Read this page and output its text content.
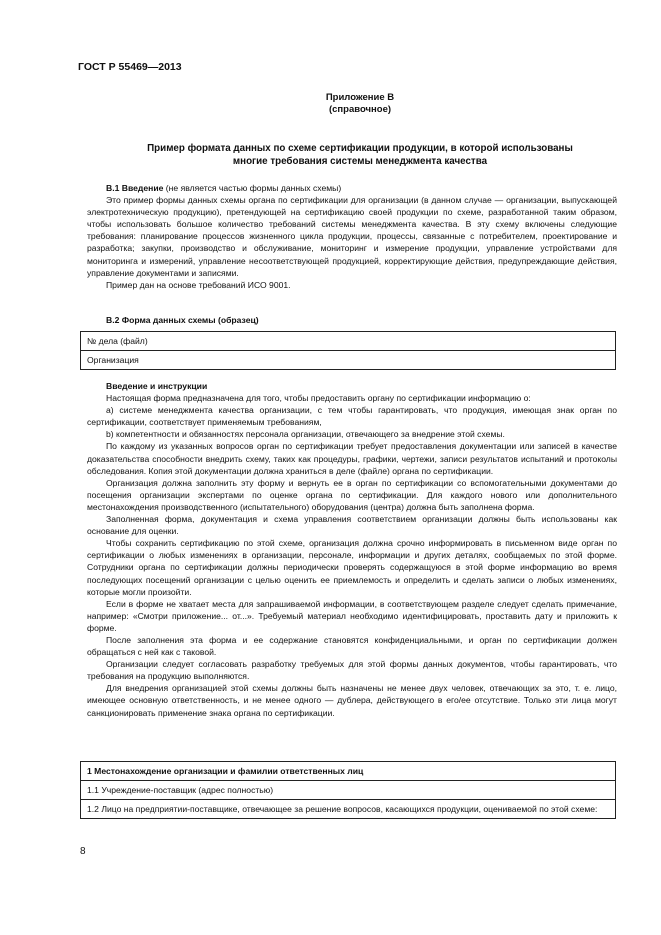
ГОСТ Р 55469—2013
Приложение В
(справочное)
Пример формата данных по схеме сертификации продукции, в которой использованы
многие требования системы менеджмента качества

В.1 Введение (не является частью формы данных схемы)

Это пример формы данных схемы органа по сертификации для организации (в данном случае — организации, выпускающей электротехническую продукцию), претендующей на сертификацию своей продукции по схеме, разработанной таким образом, чтобы использовать большое количество требований системы менеджмента качества. В эту схему включены следующие требования: планирование процессов жизненного цикла продукции, процессы, связанные с потребителем, проектирование и разработка; закупки, производство и обслуживание, мониторинг и измерение продукции, управление устройствами для мониторинга и измерений, управление несоответствующей продукцией, корректирующие действия, предупреждающие действия, управление документами и записями.

Пример дан на основе требований ИСО 9001.

В.2 Форма данных схемы (образец)

№ дела (файл)
Организация

Введение и инструкции

Настоящая форма предназначена для того, чтобы предоставить органу по сертификации информацию о:

а) системе менеджмента качества организации, с тем чтобы гарантировать, что продукция, имеющая знак орган по сертификации, соответствует применяемым требованиям,

b) компетентности и обязанностях персонала организации, отвечающего за внедрение этой схемы.

По каждому из указанных вопросов орган по сертификации требует предоставления документации или записей в качестве доказательства способности внедрить схему, таких как процедуры, графики, чертежи, записи результатов испытаний и протоколы обследования. Копия этой документации должна храниться в деле (файле) органа по сертификации.

Организация должна заполнить эту форму и вернуть ее в орган по сертификации со вспомогательными документами до посещения организации экспертами по оценке органа по сертификации. Для каждого нового или дополнительного местонахождения производственного (испытательного) оборудования (центра) должна быть заполнена форма.

Заполненная форма, документация и схема управления соответствием организации должны быть использованы как основание для оценки.

Чтобы сохранить сертификацию по этой схеме, организация должна срочно информировать в письменном виде орган по сертификации о любых изменениях в организации, персонале, информации и других деталях, сообщаемых по этой форме. Сотрудники органа по сертификации должны периодически проверять содержащуюся в этой форме информацию во время последующих посещений организации с целью оценить ее приемлемость и определить и сделать записи о любых изменениях, которые могли произойти.

Если в форме не хватает места для запрашиваемой информации, в соответствующем разделе следует сделать примечание, например: «Смотри приложение... от...». Требуемый материал необходимо идентифицировать, проставить дату и приложить к форме.

После заполнения эта форма и ее содержание становятся конфиденциальными, и орган по сертификации должен обращаться с ней как с таковой.

Организации следует согласовать разработку требуемых для этой формы данных документов, чтобы гарантировать, что требования на продукцию выполняются.

Для внедрения организацией этой схемы должны быть назначены не менее двух человек, отвечающих за это, т. е. лицо, имеющее основную ответственность, и не менее одного — дублера, действующего в его/ее отсутствие. Только эти лица могут санкционировать применение знака органа по сертификации.

1 Местонахождение организации и фамилии ответственных лиц
1.1 Учреждение-поставщик (адрес полностью)
1.2 Лицо на предприятии-поставщике, отвечающее за решение вопросов, касающихся продукции, оцениваемой по этой схеме:
8
